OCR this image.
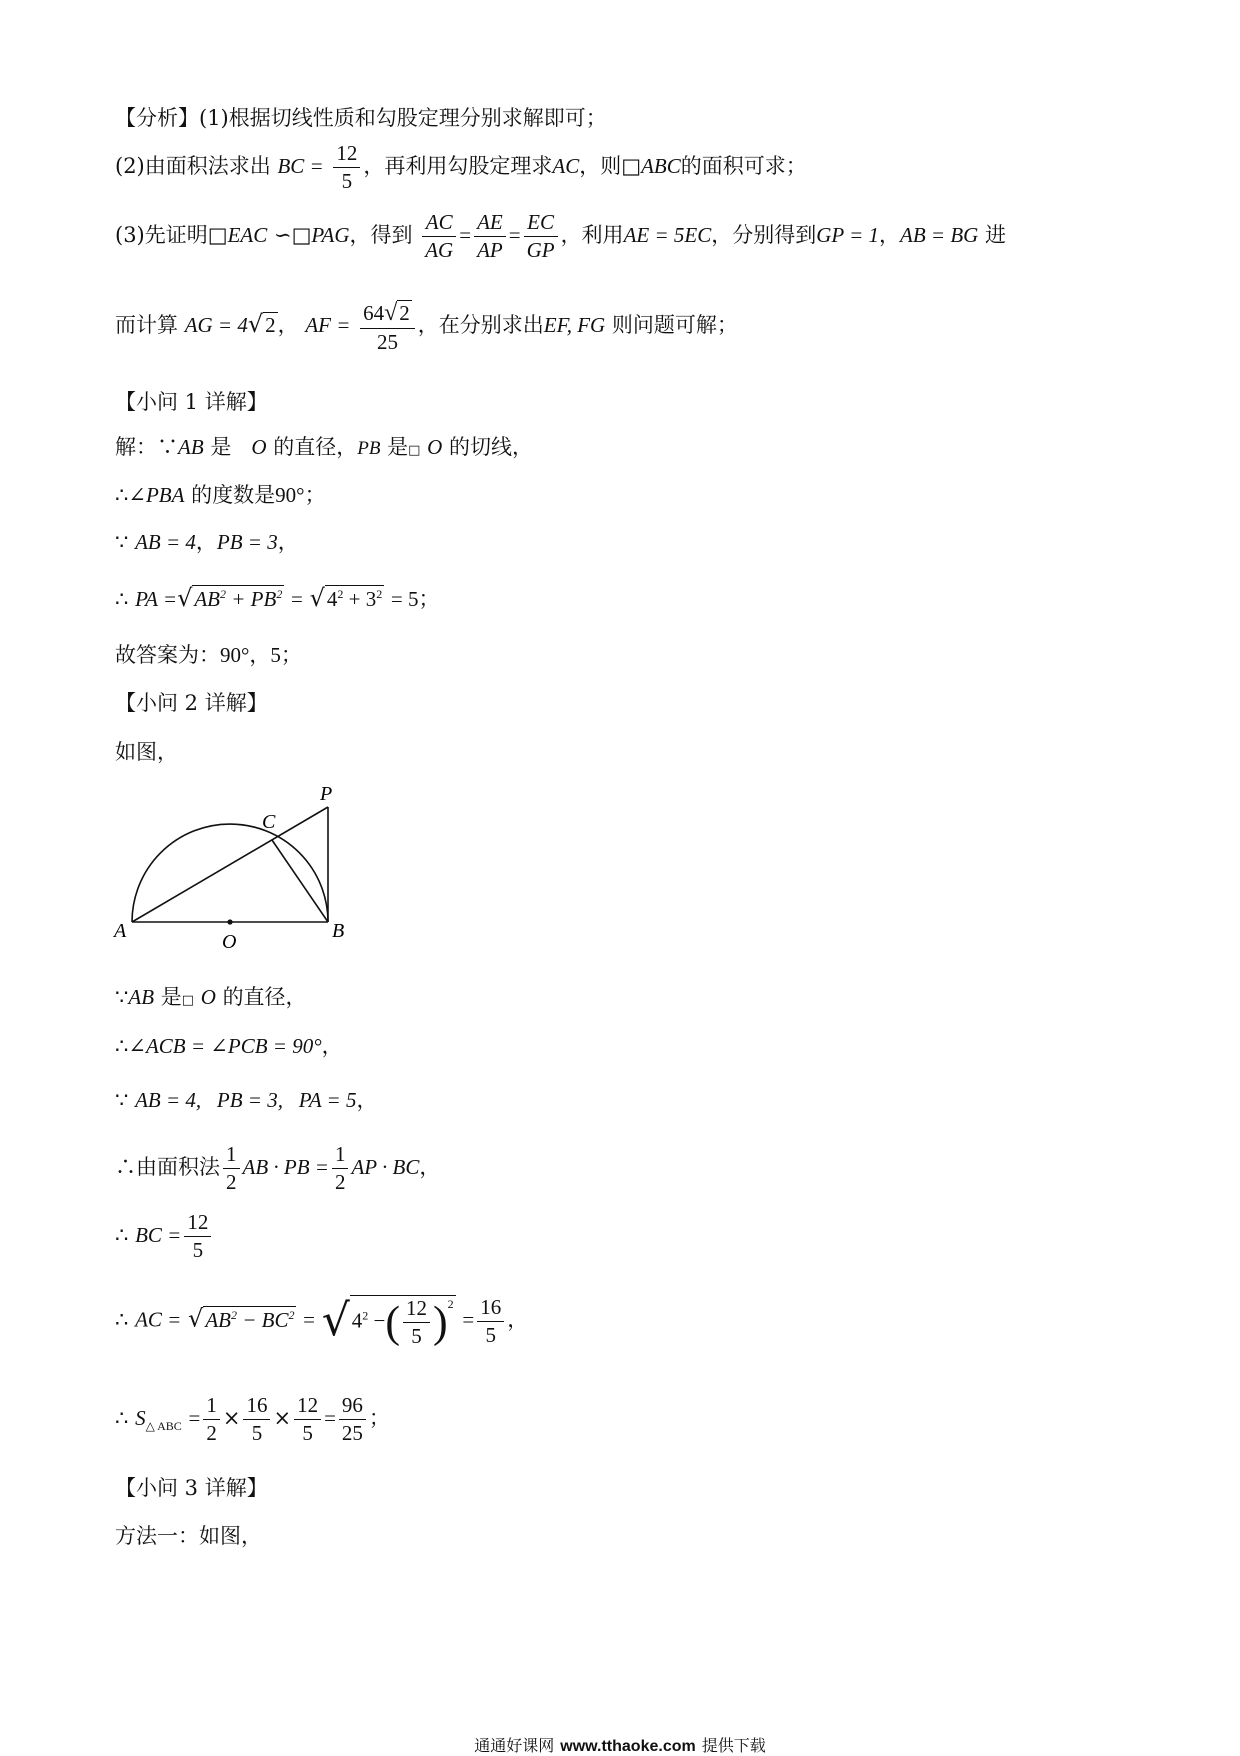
【分析】(1)根据切线性质和勾股定理分别求解即可；
(2)由面积法求出 BC = $\frac{12}{5}$ ，再利用勾股定理求AC，则□ABC的面积可求；
(3)先证明□EAC ∽□PAG，得到 $\frac{AC}{AG} = \frac{AE}{AP} = \frac{EC}{GP}$ ，利用AE = 5EC，分别得到GP = 1，AB = BG 进
而计算 AG = 4√2， AF = $\frac{64√2}{25}$ ，在分别求出EF, FG 则问题可解；
【小问 1 详解】
解：∵AB 是 O 的直径，PB 是□ O 的切线，
∴∠PBA 的度数是90°；
∵ AB = 4，PB = 3，
∴ PA $=√AB^2 + PB^2 = √4^2 + 3^2 = 5$；
故答案为：90°，5；
【小问 2 详解】
如图，
P
C
A	O	B
∵AB 是□ O 的直径，
∴∠ACB = ∠PCB = 90°，
∵ AB = 4,   PB = 3,   PA = 5，
∴由面积法 $\frac{1}{2}$ AB · PB = $\frac{1}{2}$ AP · BC，
∴ BC = $\frac{12}{5}$
∴ AC = $√AB^2 - BC^2 = √4^2$ −( $\frac{12}{5} )^2 = \frac{16}{5}$ ，
∴ $S_{\triangle ABC} = \frac{1}{2} \times \frac{16}{5} \times \frac{12}{5} = \frac{96}{25}$ ；
【小问 3 详解】
方法一：如图，
通通好课网 www.tthaoke.com 提供下载
